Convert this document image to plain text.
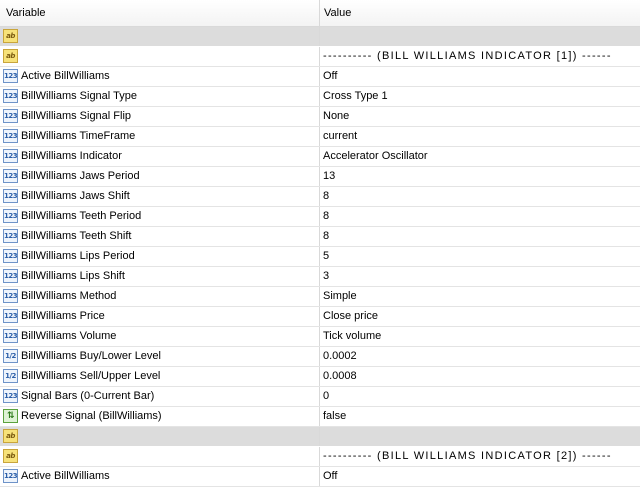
Variable	Value
ab
ab	---------- (BILL WILLIAMS INDICATOR [1]) ------
123 Active BillWilliams	Off
123 BillWilliams Signal Type	Cross Type 1
123 BillWilliams Signal Flip	None
123 BillWilliams TimeFrame	current
123 BillWilliams Indicator	Accelerator Oscillator
123 BillWilliams Jaws Period	13
123 BillWilliams Jaws Shift	8
123 BillWilliams Teeth Period	8
123 BillWilliams Teeth Shift	8
123 BillWilliams Lips Period	5
123 BillWilliams Lips Shift	3
123 BillWilliams Method	Simple
123 BillWilliams Price	Close price
123 BillWilliams Volume	Tick volume
1/2 BillWilliams Buy/Lower Level	0.0002
1/2 BillWilliams Sell/Upper Level	0.0008
123 Signal Bars (0-Current Bar)	0
⇅ Reverse Signal (BillWilliams)	false
ab
ab	---------- (BILL WILLIAMS INDICATOR [2]) ------
123 Active BillWilliams	Off
